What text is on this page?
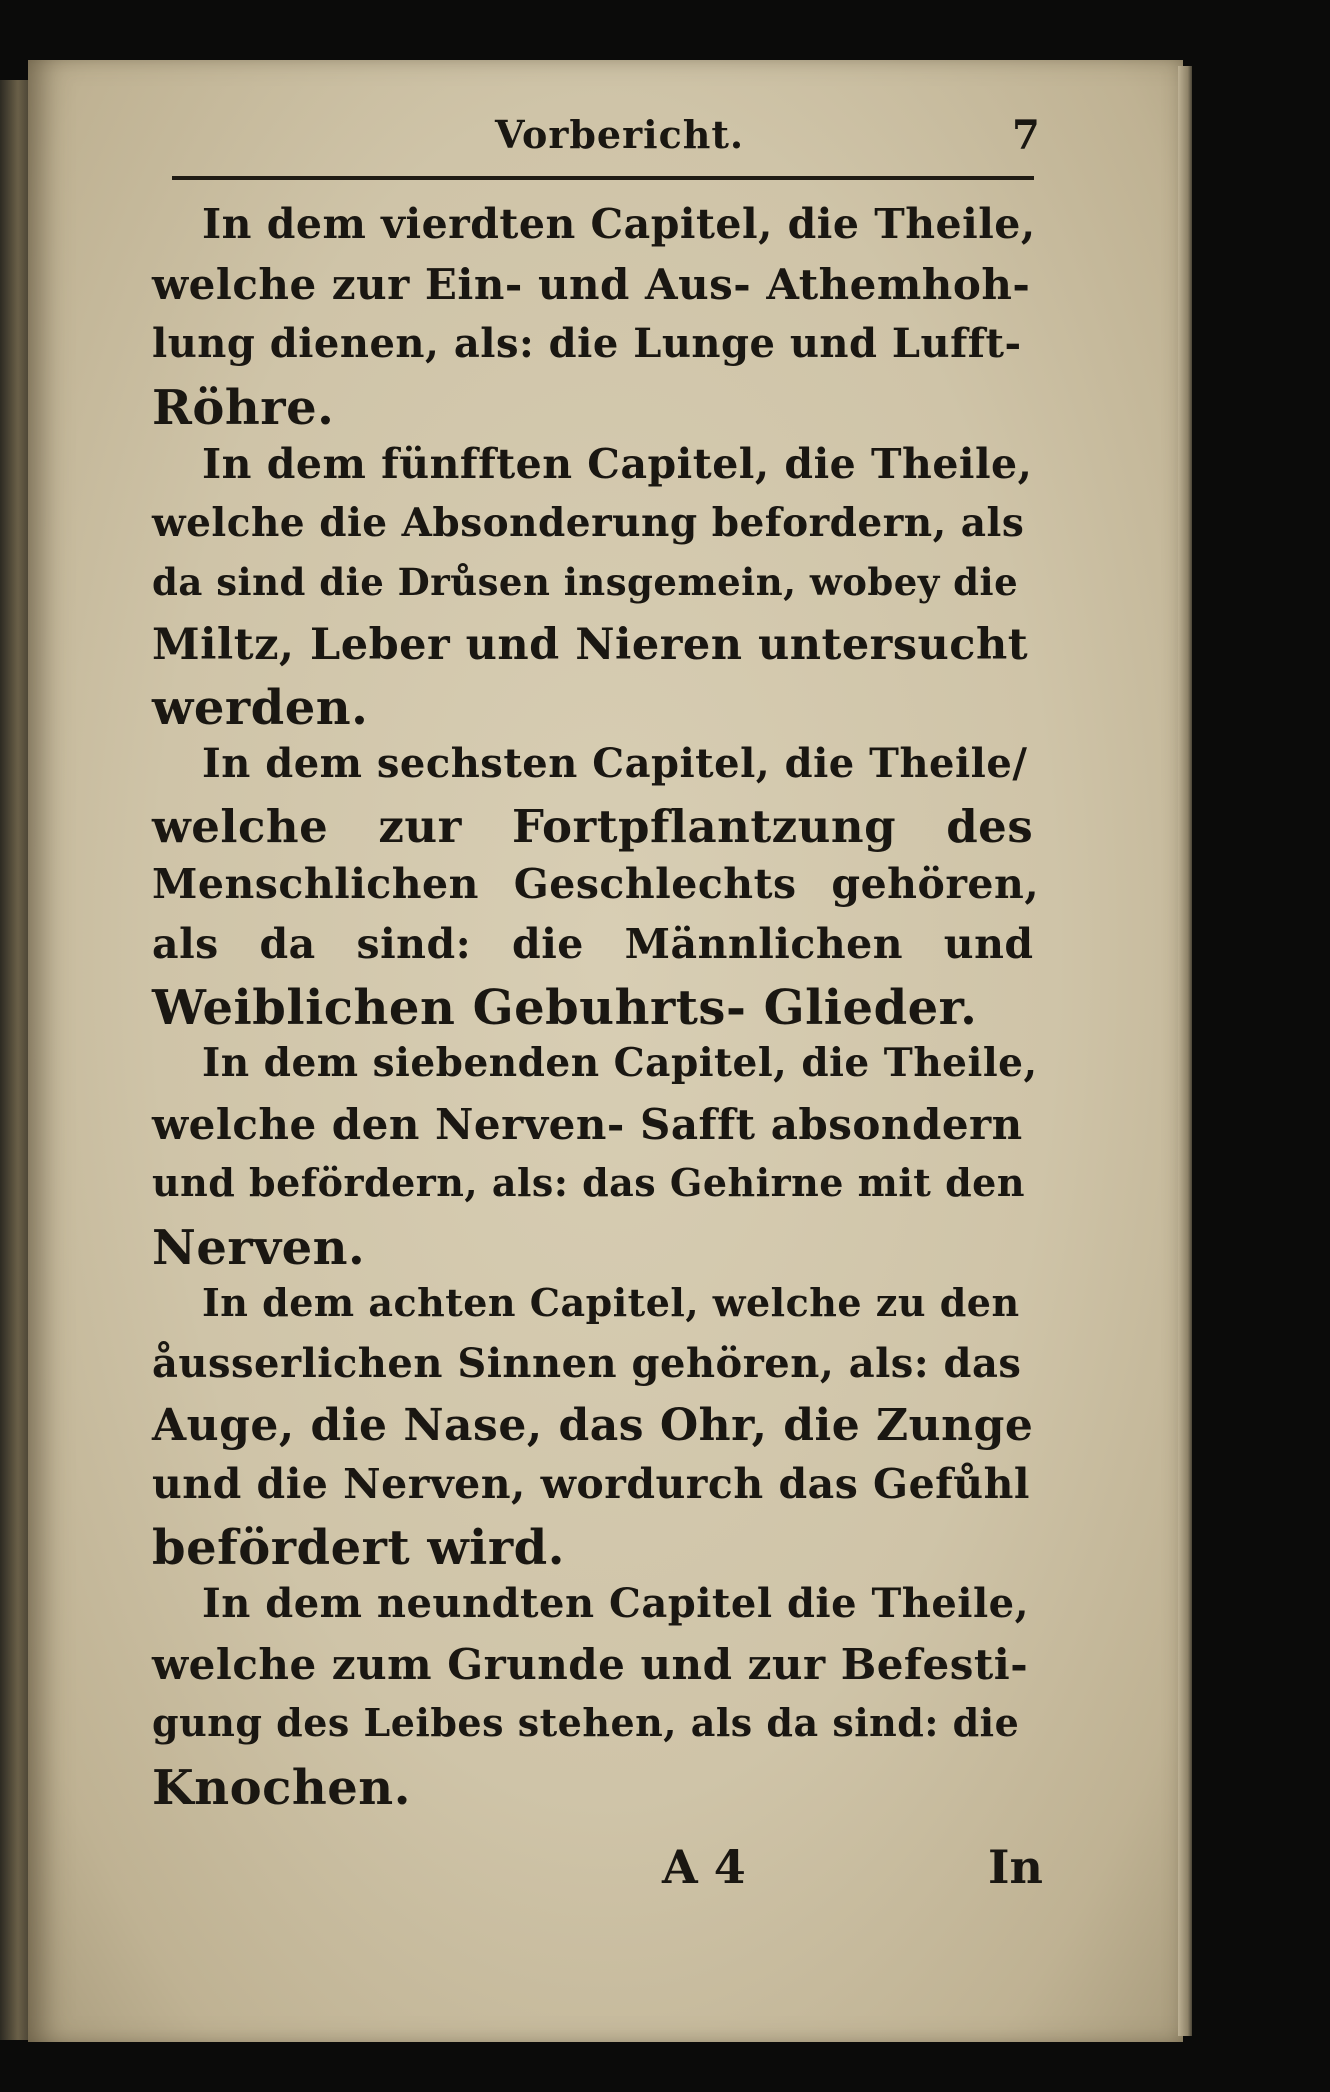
Vorbericht.	7
In dem vierdten Capitel, die Theile,
welche zur Ein- und Aus- Athemhoh-
lung dienen, als: die Lunge und Lufft-
Röhre.
In dem fünfften Capitel, die Theile,
welche die Absonderung befordern, als
da sind die Drůsen insgemein, wobey die
Miltz, Leber und Nieren untersucht
werden.
In dem sechsten Capitel, die Theile/
welche zur Fortpflantzung des
Menschlichen Geschlechts gehören,
als da sind: die Männlichen und
Weiblichen Gebuhrts- Glieder.
In dem siebenden Capitel, die Theile,
welche den Nerven- Safft absondern
und befördern, als: das Gehirne mit den
Nerven.
In dem achten Capitel, welche zu den
åusserlichen Sinnen gehören, als: das
Auge, die Nase, das Ohr, die Zunge
und die Nerven, wordurch das Gefůhl
befördert wird.
In dem neundten Capitel die Theile,
welche zum Grunde und zur Befesti-
gung des Leibes stehen, als da sind: die
Knochen.
A 4	In
